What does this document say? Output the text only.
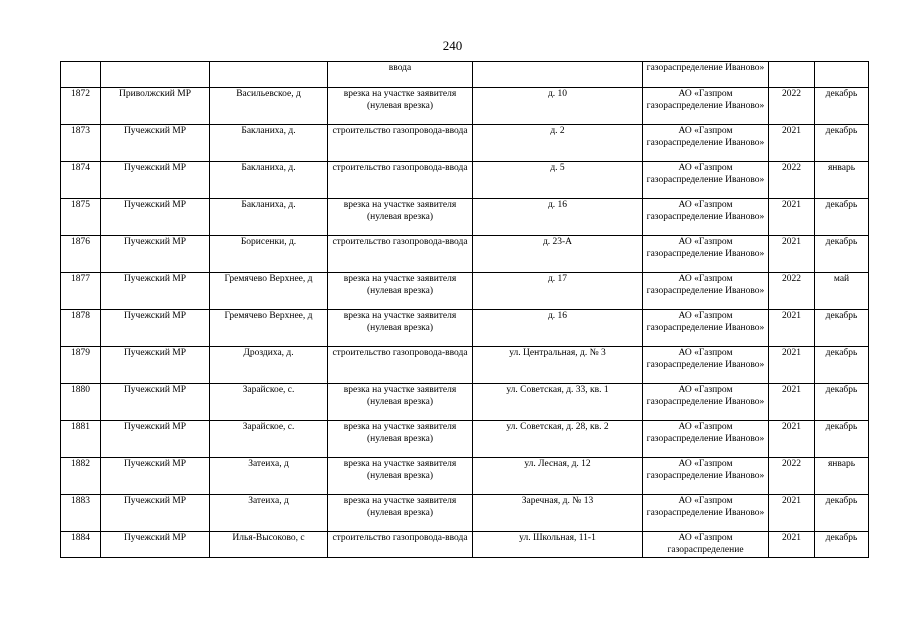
240
			ввода		газораспределение Иваново»		
1872	Приволжский МР	Васильевское, д	врезка на участке заявителя (нулевая врезка)	д. 10	АО «Газпром газораспределение Иваново»	2022	декабрь
1873	Пучежский МР	Бакланиха, д.	строительство газопровода-ввода	д. 2	АО «Газпром газораспределение Иваново»	2021	декабрь
1874	Пучежский МР	Бакланиха, д.	строительство газопровода-ввода	д. 5	АО «Газпром газораспределение Иваново»	2022	январь
1875	Пучежский МР	Бакланиха, д.	врезка на участке заявителя (нулевая врезка)	д. 16	АО «Газпром газораспределение Иваново»	2021	декабрь
1876	Пучежский МР	Борисенки, д.	строительство газопровода-ввода	д. 23-А	АО «Газпром газораспределение Иваново»	2021	декабрь
1877	Пучежский МР	Гремячево Верхнее, д	врезка на участке заявителя (нулевая врезка)	д. 17	АО «Газпром газораспределение Иваново»	2022	май
1878	Пучежский МР	Гремячево Верхнее, д	врезка на участке заявителя (нулевая врезка)	д. 16	АО «Газпром газораспределение Иваново»	2021	декабрь
1879	Пучежский МР	Дроздиха, д.	строительство газопровода-ввода	ул. Центральная, д. № 3	АО «Газпром газораспределение Иваново»	2021	декабрь
1880	Пучежский МР	Зарайское, с.	врезка на участке заявителя (нулевая врезка)	ул. Советская, д. 33, кв. 1	АО «Газпром газораспределение Иваново»	2021	декабрь
1881	Пучежский МР	Зарайское, с.	врезка на участке заявителя (нулевая врезка)	ул. Советская, д. 28, кв. 2	АО «Газпром газораспределение Иваново»	2021	декабрь
1882	Пучежский МР	Затеиха, д	врезка на участке заявителя (нулевая врезка)	ул. Лесная, д. 12	АО «Газпром газораспределение Иваново»	2022	январь
1883	Пучежский МР	Затеиха, д	врезка на участке заявителя (нулевая врезка)	Заречная, д. № 13	АО «Газпром газораспределение Иваново»	2021	декабрь
1884	Пучежский МР	Илья-Высоково, с	строительство газопровода-ввода	ул. Школьная, 11-1	АО «Газпром газораспределение	2021	декабрь
